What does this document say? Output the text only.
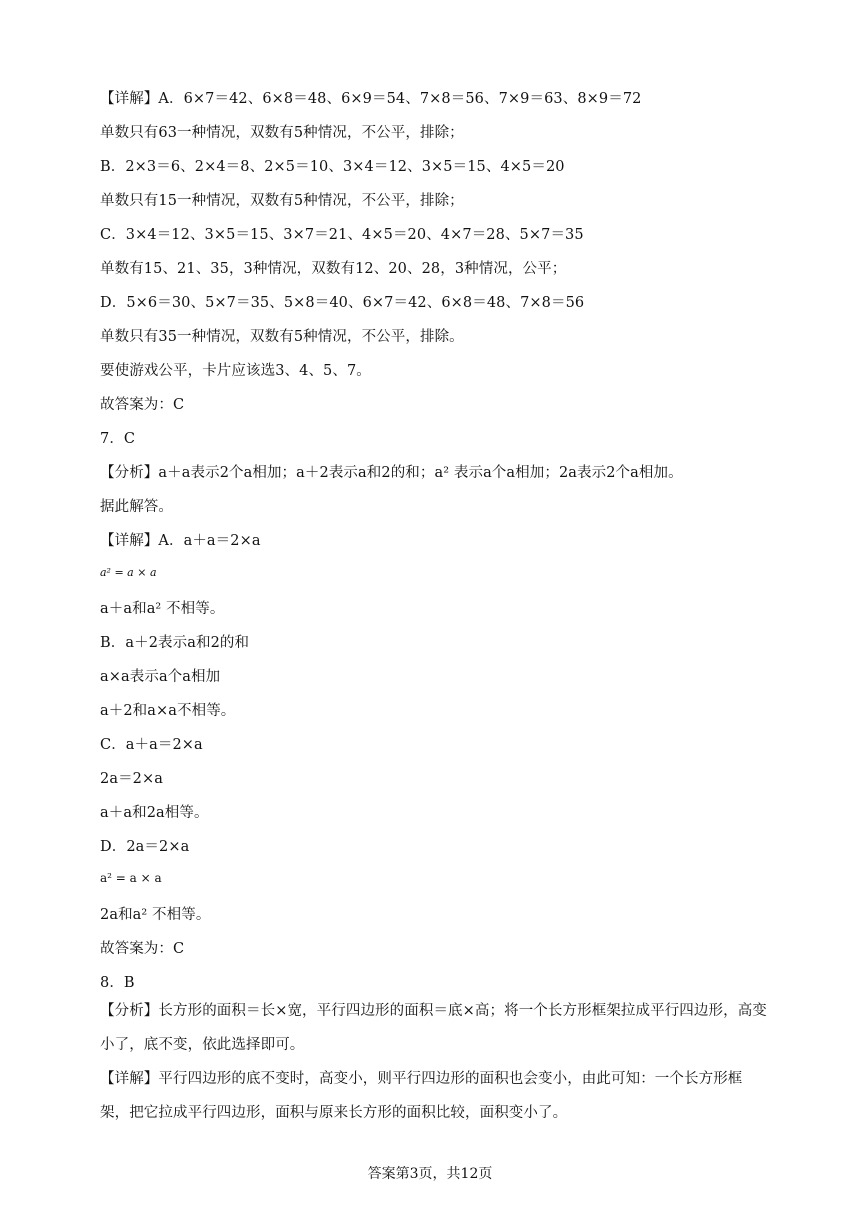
【详解】A．6×7＝42、6×8＝48、6×9＝54、7×8＝56、7×9＝63、8×9＝72
单数只有63一种情况，双数有5种情况，不公平，排除；
B．2×3＝6、2×4＝8、2×5＝10、3×4＝12、3×5＝15、4×5＝20
单数只有15一种情况，双数有5种情况，不公平，排除；
C．3×4＝12、3×5＝15、3×7＝21、4×5＝20、4×7＝28、5×7＝35
单数有15、21、35，3种情况，双数有12、20、28，3种情况，公平；
D．5×6＝30、5×7＝35、5×8＝40、6×7＝42、6×8＝48、7×8＝56
单数只有35一种情况，双数有5种情况，不公平，排除。
要使游戏公平，卡片应该选3、4、5、7。
故答案为：C
7．C
【分析】a＋a表示2个a相加；a＋2表示a和2的和；a² 表示a个a相加；2a表示2个a相加。
据此解答。
【详解】A．a＋a＝2×a
a² = a × a
a＋a和a² 不相等。
B．a＋2表示a和2的和
a×a表示a个a相加
a＋2和a×a不相等。
C．a＋a＝2×a
2a＝2×a
a＋a和2a相等。
D．2a＝2×a
a² = a × a
2a和a² 不相等。
故答案为：C
8．B
【分析】长方形的面积＝长×宽，平行四边形的面积＝底×高；将一个长方形框架拉成平行四边形，高变小了，底不变，依此选择即可。
【详解】平行四边形的底不变时，高变小，则平行四边形的面积也会变小，由此可知：一个长方形框架，把它拉成平行四边形，面积与原来长方形的面积比较，面积变小了。
答案第3页，共12页
